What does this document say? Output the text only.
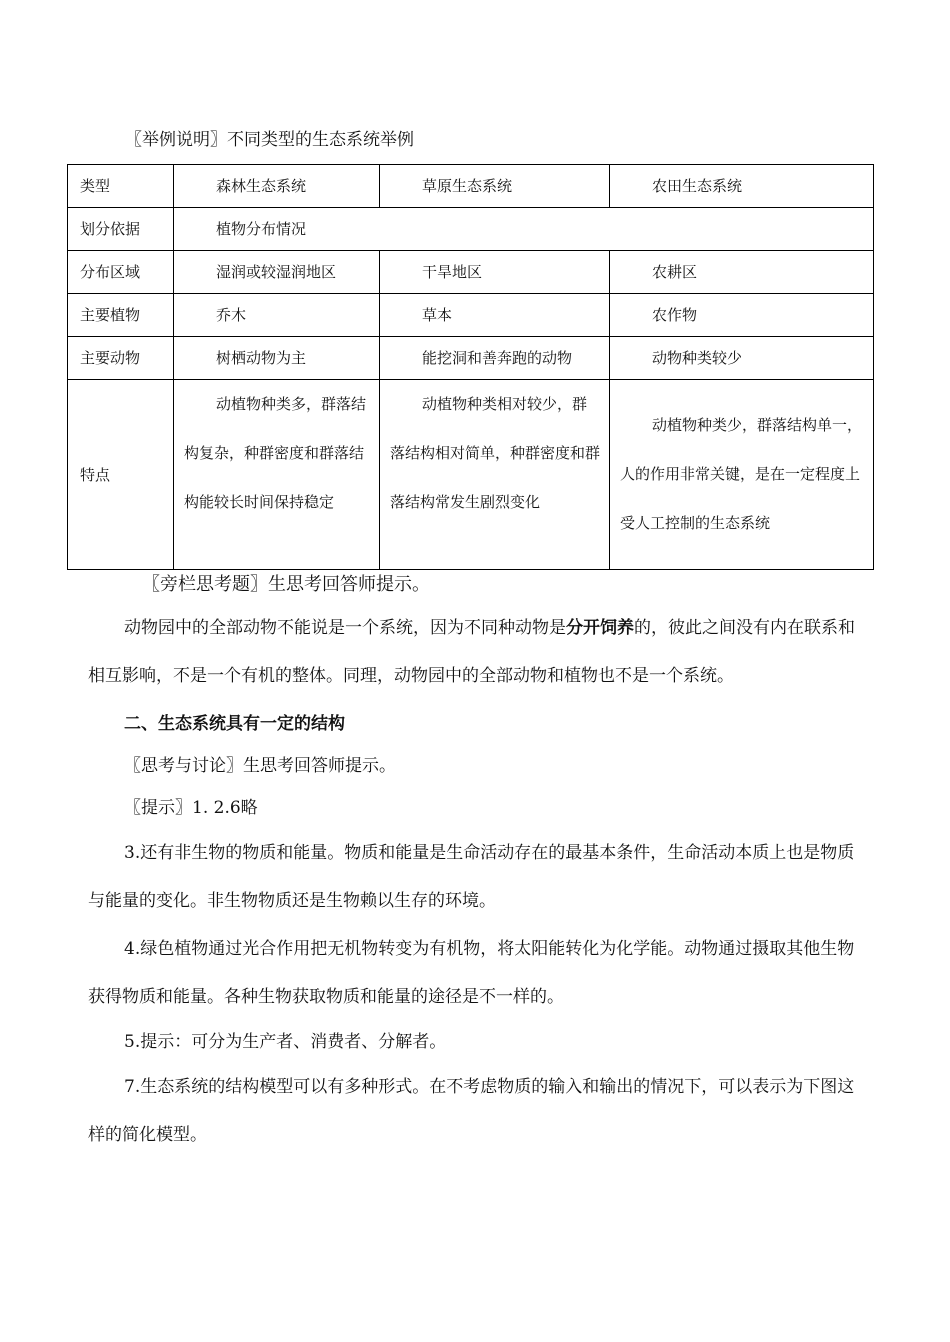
〖举例说明〗不同类型的生态系统举例
类型	森林生态系统	草原生态系统	农田生态系统
划分依据	植物分布情况		
分布区域	湿润或较湿润地区	干旱地区	农耕区
主要植物	乔木	草本	农作物
主要动物	树栖动物为主	能挖洞和善奔跑的动物	动物种类较少
特点	动植物种类多，群落结构复杂，种群密度和群落结构能较长时间保持稳定	动植物种类相对较少，群落结构相对简单，种群密度和群落结构常发生剧烈变化	动植物种类少，群落结构单一，人的作用非常关键，是在一定程度上受人工控制的生态系统
〖旁栏思考题〗生思考回答师提示。

动物园中的全部动物不能说是一个系统，因为不同种动物是分开饲养的，彼此之间没有内在联系和相互影响，不是一个有机的整体。同理，动物园中的全部动物和植物也不是一个系统。

二、生态系统具有一定的结构

〖思考与讨论〗生思考回答师提示。

〖提示〗1. 2.6略

3.还有非生物的物质和能量。物质和能量是生命活动存在的最基本条件，生命活动本质上也是物质与能量的变化。非生物物质还是生物赖以生存的环境。

4.绿色植物通过光合作用把无机物转变为有机物，将太阳能转化为化学能。动物通过摄取其他生物获得物质和能量。各种生物获取物质和能量的途径是不一样的。

5.提示：可分为生产者、消费者、分解者。

7.生态系统的结构模型可以有多种形式。在不考虑物质的输入和输出的情况下，可以表示为下图这样的简化模型。
